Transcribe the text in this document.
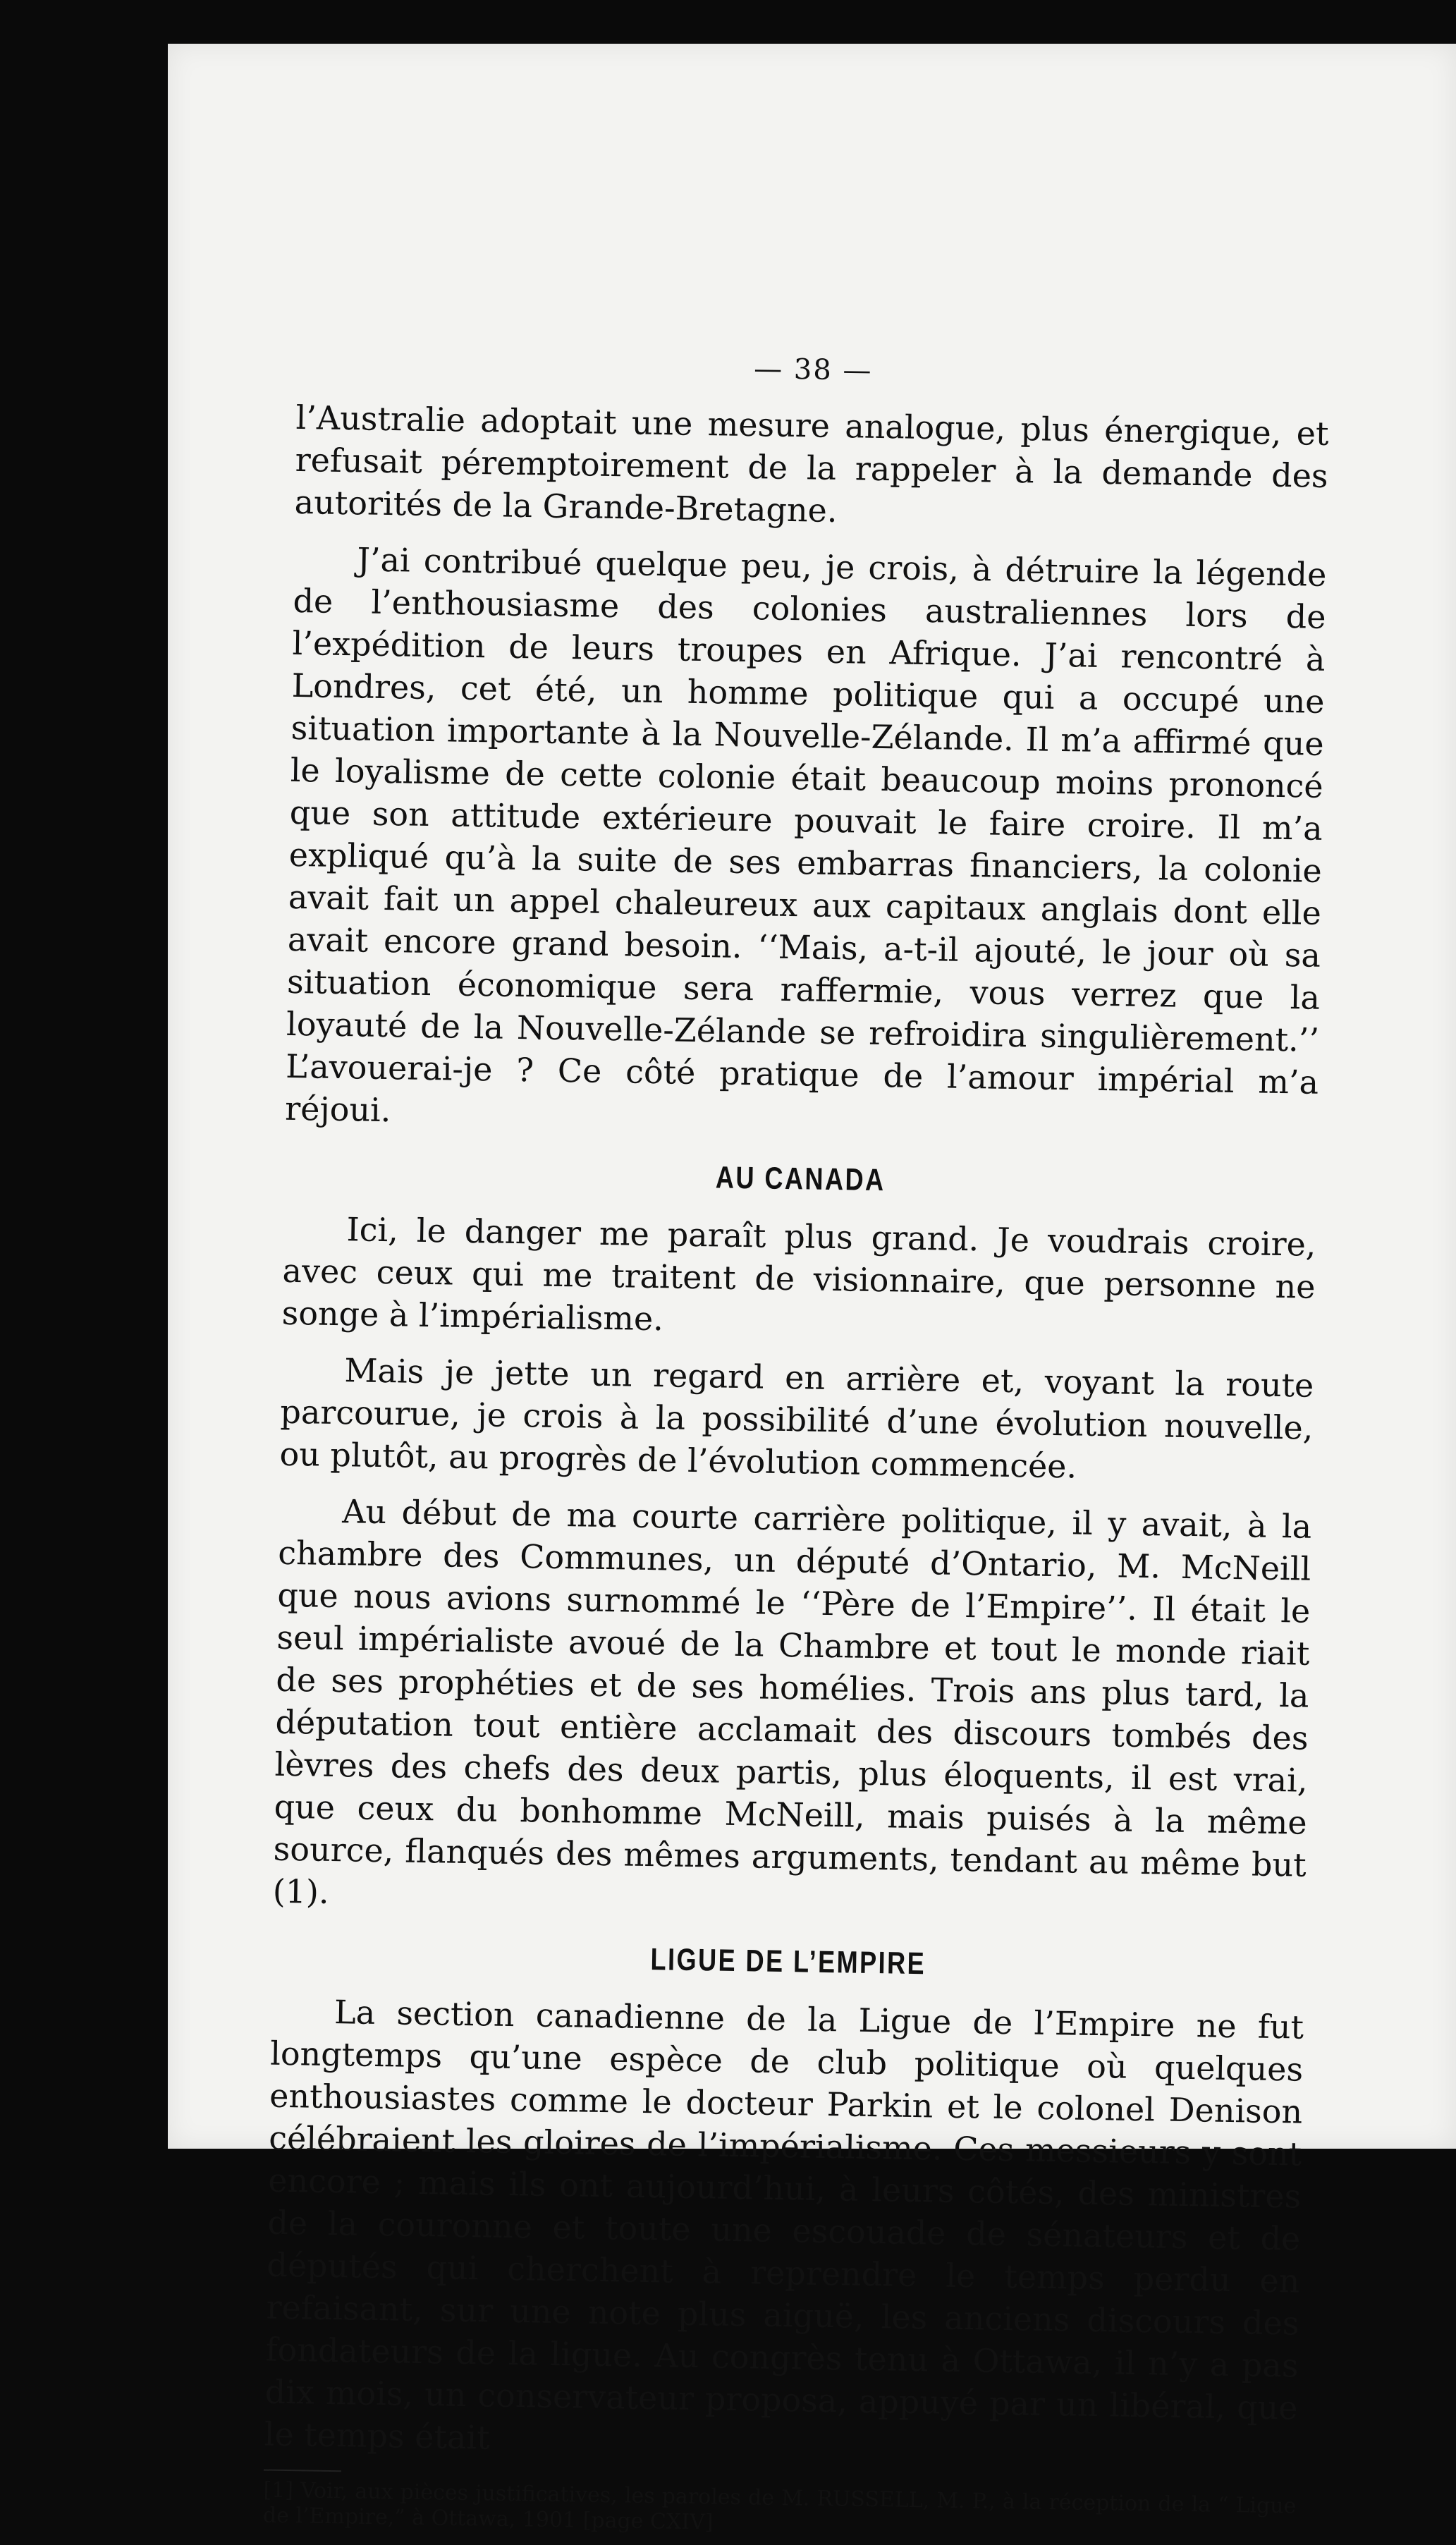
— 38 —

l’Australie adoptait une mesure analogue, plus énergique, et refusait péremptoirement de la rappeler à la demande des autorités de la Grande-Bretagne.

J’ai contribué quelque peu, je crois, à détruire la légende de l’enthousiasme des colonies australiennes lors de l’expédition de leurs troupes en Afrique. J’ai rencontré à Londres, cet été, un homme politique qui a occupé une situation importante à la Nouvelle-Zélande. Il m’a affirmé que le loyalisme de cette colonie était beaucoup moins prononcé que son attitude extérieure pouvait le faire croire. Il m’a expliqué qu’à la suite de ses embarras financiers, la colonie avait fait un appel chaleureux aux capitaux anglais dont elle avait encore grand besoin. ‘‘Mais, a-t-il ajouté, le jour où sa situation économique sera raffermie, vous verrez que la loyauté de la Nouvelle-Zélande se refroidira singulièrement.’’ L’avouerai-je ? Ce côté pratique de l’amour impérial m’a réjoui.

AU CANADA

Ici, le danger me paraît plus grand. Je voudrais croire, avec ceux qui me traitent de visionnaire, que personne ne songe à l’impérialisme.

Mais je jette un regard en arrière et, voyant la route parcourue, je crois à la possibilité d’une évolution nouvelle, ou plutôt, au progrès de l’évolution commencée.

Au début de ma courte carrière politique, il y avait, à la chambre des Communes, un député d’Ontario, M. McNeill que nous avions surnommé le ‘‘Père de l’Empire’’. Il était le seul impérialiste avoué de la Chambre et tout le monde riait de ses prophéties et de ses homélies. Trois ans plus tard, la députation tout entière acclamait des discours tombés des lèvres des chefs des deux partis, plus éloquents, il est vrai, que ceux du bonhomme McNeill, mais puisés à la même source, flanqués des mêmes arguments, tendant au même but (1).

LIGUE DE L’EMPIRE

La section canadienne de la Ligue de l’Empire ne fut longtemps qu’une espèce de club politique où quelques enthousiastes comme le docteur Parkin et le colonel Denison célébraient les gloires de l’impérialisme. Ces messieurs y sont encore ; mais ils ont aujourd’hui, à leurs côtés, des ministres de la couronne et toute une escouade de sénateurs et de députés qui cherchent à reprendre le temps perdu en refaisant, sur une note plus aiguë, les anciens discours des fondateurs de la ligue. Au congrès tenu à Ottawa, il n’y a pas dix mois, un conservateur proposa, appuyé par un libéral, que le temps était

[1] Voir, aux pièces justificatives, les paroles de M. RUSSELL, M. P., à la réception de la “ Ligue de l’Empire,” à Ottawa, 1901 [page CXIV]
